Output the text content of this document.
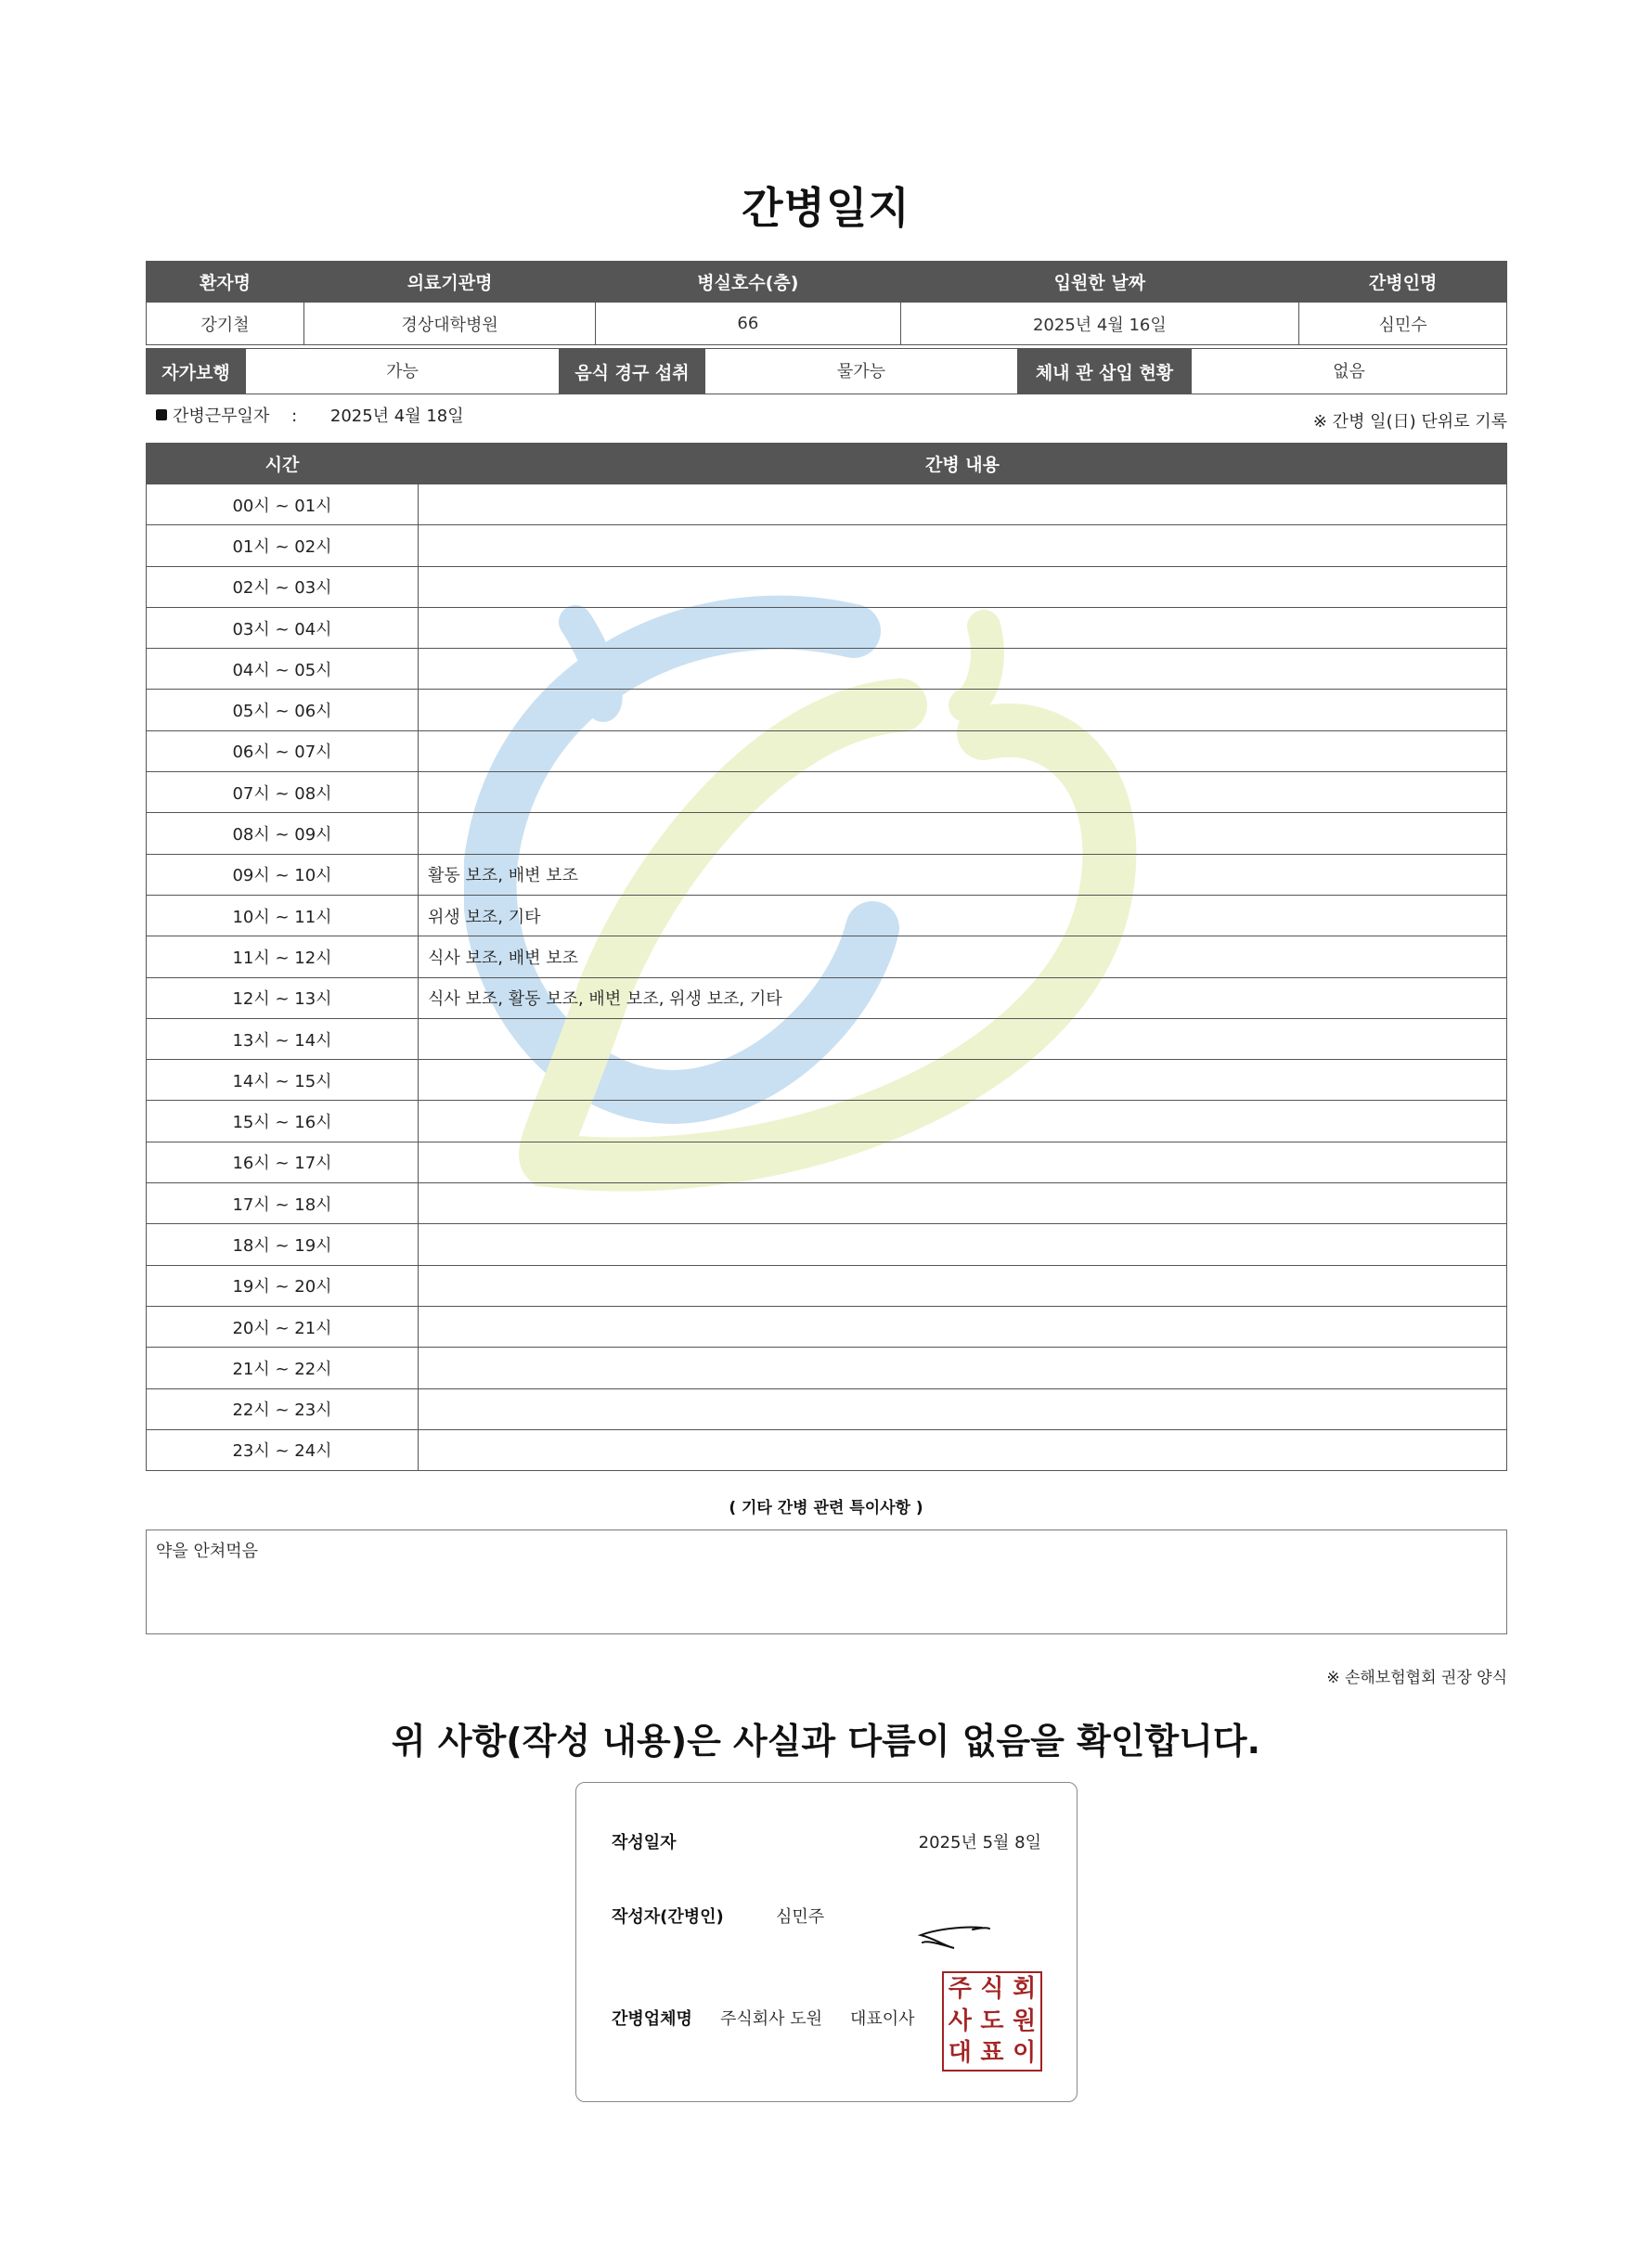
간병일지
환자명	의료기관명	병실호수(층)	입원한 날짜	간병인명
강기철	경상대학병원	66	2025년 4월 16일	심민수
자가보행	가능	음식 경구 섭취	물가능	체내 관 삽입 현황	없음
간병근무일자 : 2025년 4월 18일	※ 간병 일(日) 단위로 기록
시간	간병 내용
00시 ~ 01시	
01시 ~ 02시	
02시 ~ 03시	
03시 ~ 04시	
04시 ~ 05시	
05시 ~ 06시	
06시 ~ 07시	
07시 ~ 08시	
08시 ~ 09시	
09시 ~ 10시	활동 보조, 배변 보조
10시 ~ 11시	위생 보조, 기타
11시 ~ 12시	식사 보조, 배변 보조
12시 ~ 13시	식사 보조, 활동 보조, 배변 보조, 위생 보조, 기타
13시 ~ 14시	
14시 ~ 15시	
15시 ~ 16시	
16시 ~ 17시	
17시 ~ 18시	
18시 ~ 19시	
19시 ~ 20시	
20시 ~ 21시	
21시 ~ 22시	
22시 ~ 23시	
23시 ~ 24시	
( 기타 간병 관련 특이사항 )
약을 안쳐먹음
※ 손해보험협회 권장 양식
위 사항(작성 내용)은 사실과 다름이 없음을 확인합니다.
작성일자	2025년 5월 8일
작성자(간병인)	심민주
간병업체명 주식회사 도원 대표이사
주 식 회
사 도 원
대 표 이
